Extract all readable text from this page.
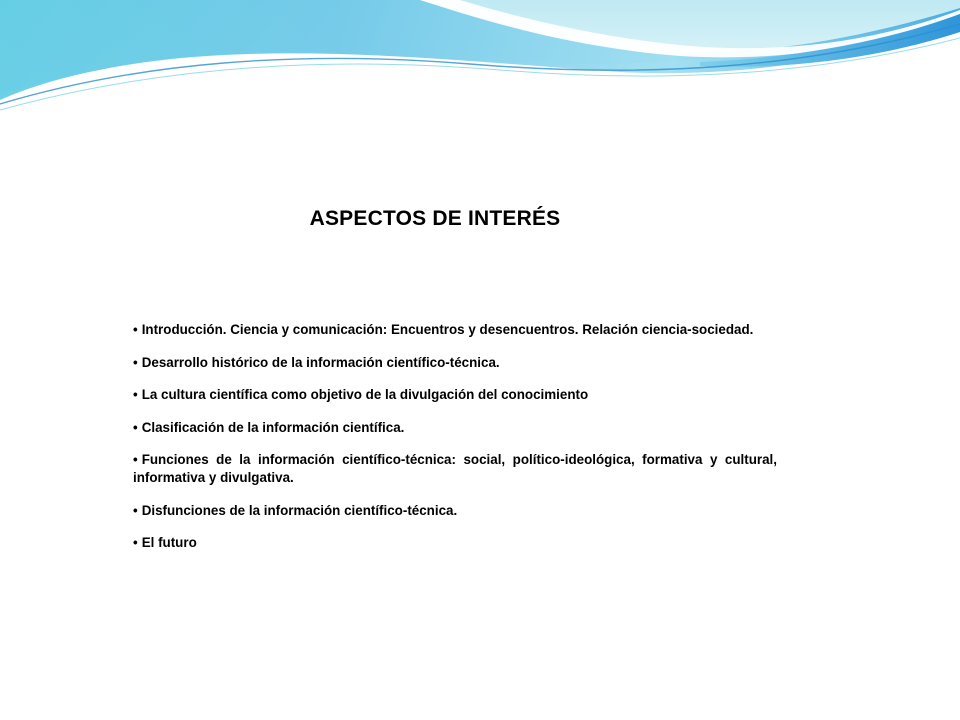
ASPECTOS DE INTERÉS
• Introducción. Ciencia y comunicación: Encuentros y desencuentros. Relación ciencia-sociedad.
• Desarrollo histórico de la información científico-técnica.
• La cultura científica como objetivo de la divulgación del conocimiento
• Clasificación de la información científica.
• Funciones de la información científico-técnica: social, político-ideológica, formativa y cultural, informativa y divulgativa.
• Disfunciones de la información científico-técnica.
• El futuro
